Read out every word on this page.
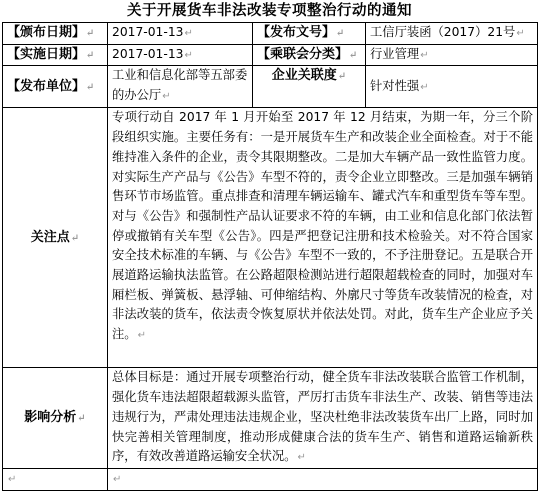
关于开展货车非法改装专项整治行动的通知
【颁布日期】↵	2017-01-13↵	【发布文号】↵	工信厅装函（2017）21号↵
【实施日期】↵	2017-01-13↵	【乘联会分类】↵	行业管理↵
【发布单位】↵	工业和信息化部等五部委的办公厅↵	企业关联度↵	针对性强↵
关注点↵	专项行动自 2017 年 1 月开始至 2017 年 12 月结束，为期一年，分三个阶段组织实施。主要任务有：一是开展货车生产和改装企业全面检查。对于不能维持准入条件的企业，责令其限期整改。二是加大车辆产品一致性监管力度。对实际生产产品与《公告》车型不符的，责令企业立即整改。三是加强车辆销售环节市场监管。重点排查和清理车辆运输车、罐式汽车和重型货车等车型。对与《公告》和强制性产品认证要求不符的车辆，由工业和信息化部门依法暂停或撤销有关车型《公告》。四是严把登记注册和技术检验关。对不符合国家安全技术标准的车辆、与《公告》车型不一致的，不予注册登记。五是联合开展道路运输执法监管。在公路超限检测站进行超限超载检查的同时，加强对车厢栏板、弹簧板、悬浮轴、可伸缩结构、外廓尺寸等货车改装情况的检查，对非法改装的货车，依法责令恢复原状并依法处罚。对此，货车生产企业应予关注。↵		
影响分析↵	总体目标是：通过开展专项整治行动，健全货车非法改装联合监管工作机制，强化货车违法超限超载源头监管，严厉打击货车非法生产、改装、销售等违法违规行为，严肃处理违法违规企业，坚决杜绝非法改装货车出厂上路，同时加快完善相关管理制度，推动形成健康合法的货车生产、销售和道路运输新秩序，有效改善道路运输安全状况。↵		
↵	↵		
